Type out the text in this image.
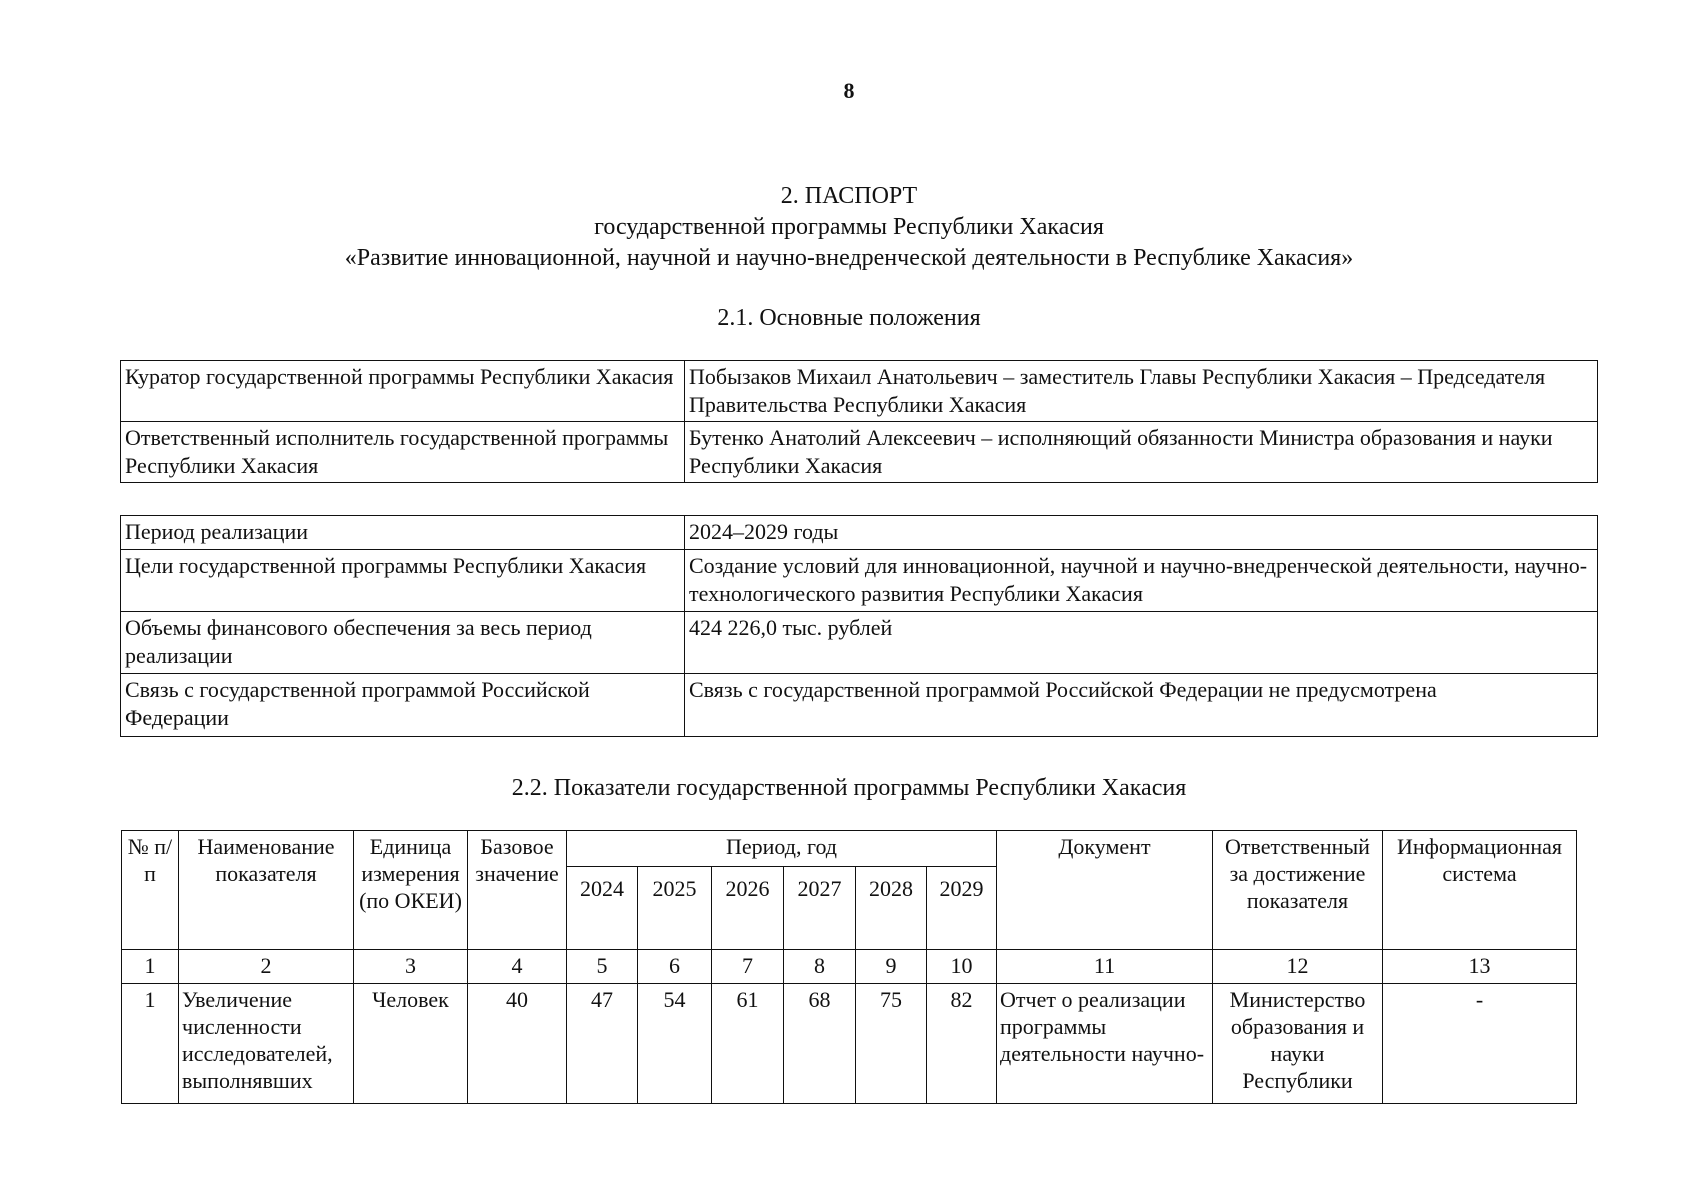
8
2. ПАСПОРТ
государственной программы Республики Хакасия
«Развитие инновационной, научной и научно-внедренческой деятельности в Республике Хакасия»
2.1. Основные положения
Куратор государственной программы Республики Хакасия	Побызаков Михаил Анатольевич – заместитель Главы Республики Хакасия – Председателя Правительства Республики Хакасия
Ответственный исполнитель государственной программы Республики Хакасия	Бутенко Анатолий Алексеевич – исполняющий обязанности Министра образования и науки Республики Хакасия
Период реализации	2024–2029 годы
Цели государственной программы Республики Хакасия	Создание условий для инновационной, научной и научно-внедренческой деятельности, научно-технологического развития Республики Хакасия
Объемы финансового обеспечения за весь период реализации	424 226,0 тыс. рублей
Связь с государственной программой Российской Федерации	Связь с государственной программой Российской Федерации не предусмотрена
2.2. Показатели государственной программы Республики Хакасия
№ п/п	Наименование показателя	Единица измерения (по ОКЕИ)	Базовое значение	Период, год						Документ	Ответственный за достижение показателя	Информационная система
				2024	2025	2026	2027	2028	2029			
1	2	3	4	5	6	7	8	9	10	11	12	13
1	Увеличение численности исследователей, выполнявших	Человек	40	47	54	61	68	75	82	Отчет о реализации программы деятельности научно-	Министерство образования и науки Республики	-
